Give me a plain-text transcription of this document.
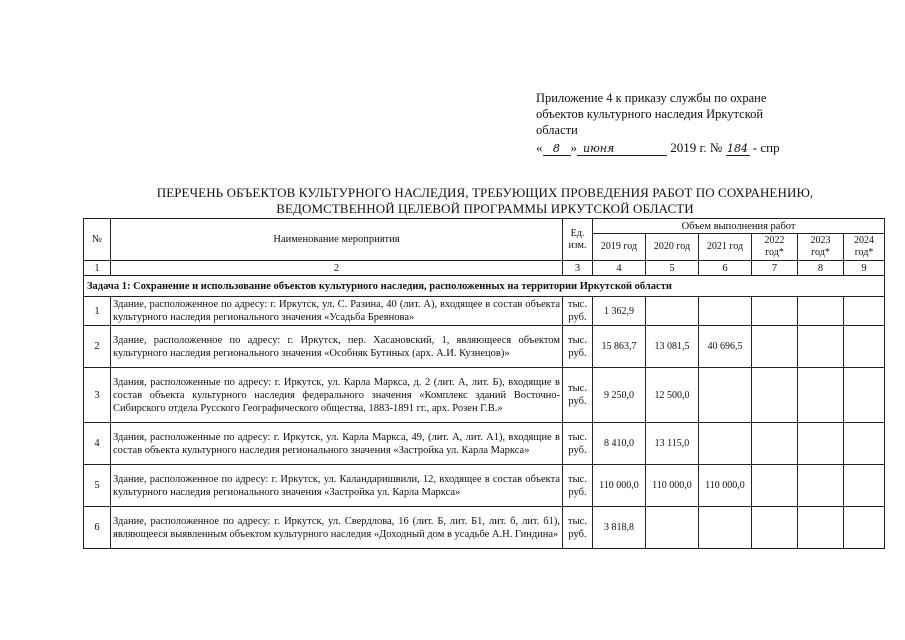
Приложение 4 к приказу службы по охране
объектов культурного наследия Иркутской
области
« 8 » июня	2019 г. № 184 - спр
ПЕРЕЧЕНЬ ОБЪЕКТОВ КУЛЬТУРНОГО НАСЛЕДИЯ, ТРЕБУЮЩИХ ПРОВЕДЕНИЯ РАБОТ ПО СОХРАНЕНИЮ,
ВЕДОМСТВЕННОЙ ЦЕЛЕВОЙ ПРОГРАММЫ ИРКУТСКОЙ ОБЛАСТИ
№	Наименование мероприятия	Ед. изм.	Объем выполнения работ					
			2019 год	2020 год	2021 год	2022 год*	2023 год*	2024 год*
1	2	3	4	5	6	7	8	9
Задача 1: Сохранение и использование объектов культурного наследия, расположенных на территории Иркутской области								
1	Здание, расположенное по адресу: г. Иркутск, ул. С. Разина, 40 (лит. А), входящее в состав объекта культурного наследия регионального значения «Усадьба Бревнова»	тыс. руб.	1 362,9					
2	Здание, расположенное по адресу: г. Иркутск, пер. Хасановский, 1, являющееся объектом культурного наследия регионального значения «Особняк Бутиных (арх. А.И. Кузнецов)»	тыс. руб.	15 863,7	13 081,5	40 696,5			
3	Здания, расположенные по адресу: г. Иркутск, ул. Карла Маркса, д. 2 (лит. А, лит. Б), входящие в состав объекта культурного наследия федерального значения «Комплекс зданий Восточно-Сибирского отдела Русского Географического общества, 1883-1891 гг., арх. Розен Г.В.»	тыс. руб.	9 250,0	12 500,0				
4	Здания, расположенные по адресу: г. Иркутск, ул. Карла Маркса, 49, (лит. А, лит. А1), входящие в состав объекта культурного наследия регионального значения «Застройка ул. Карла Маркса»	тыс. руб.	8 410,0	13 115,0				
5	Здание, расположенное по адресу: г. Иркутск, ул. Каландаришвили, 12, входящее в состав объекта культурного наследия регионального значения «Застройка ул. Карла Маркса»	тыс. руб.	110 000,0	110 000,0	110 000,0			
6	Здание, расположенное по адресу: г. Иркутск, ул. Свердлова, 16 (лит. Б, лит. Б1, лит. б, лит. б1), являющееся выявленным объектом культурного наследия «Доходный дом в усадьбе А.Н. Гиндина»	тыс. руб.	3 818,8					
